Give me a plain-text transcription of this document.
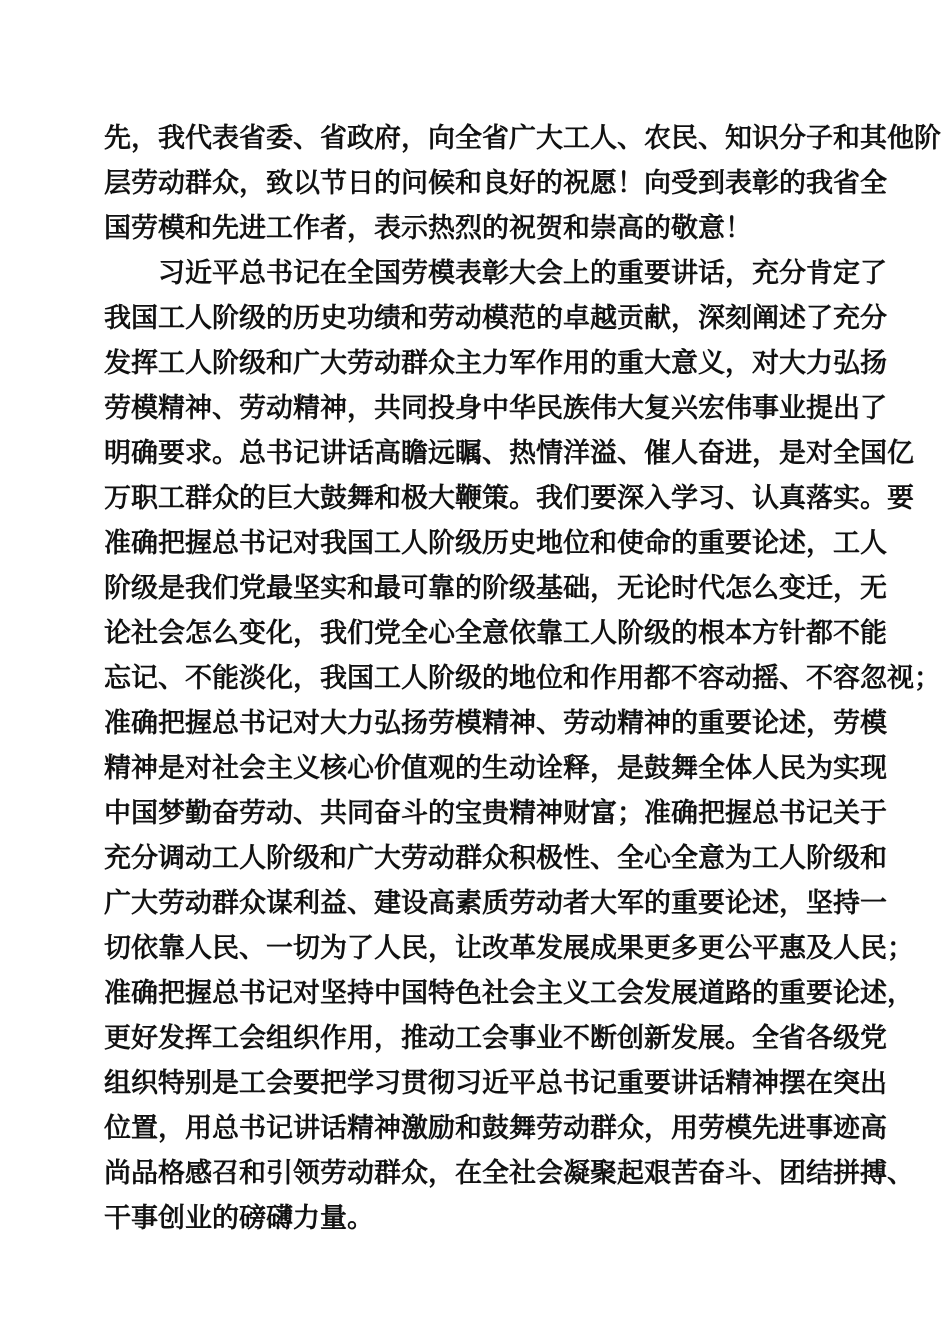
先，我代表省委、省政府，向全省广大工人、农民、知识分子和其他阶
层劳动群众，致以节日的问候和良好的祝愿！向受到表彰的我省全
国劳模和先进工作者，表示热烈的祝贺和崇高的敬意！
习近平总书记在全国劳模表彰大会上的重要讲话，充分肯定了
我国工人阶级的历史功绩和劳动模范的卓越贡献，深刻阐述了充分
发挥工人阶级和广大劳动群众主力军作用的重大意义，对大力弘扬
劳模精神、劳动精神，共同投身中华民族伟大复兴宏伟事业提出了
明确要求。总书记讲话高瞻远瞩、热情洋溢、催人奋进，是对全国亿
万职工群众的巨大鼓舞和极大鞭策。我们要深入学习、认真落实。要
准确把握总书记对我国工人阶级历史地位和使命的重要论述，工人
阶级是我们党最坚实和最可靠的阶级基础，无论时代怎么变迁，无
论社会怎么变化，我们党全心全意依靠工人阶级的根本方针都不能
忘记、不能淡化，我国工人阶级的地位和作用都不容动摇、不容忽视；
准确把握总书记对大力弘扬劳模精神、劳动精神的重要论述，劳模
精神是对社会主义核心价值观的生动诠释，是鼓舞全体人民为实现
中国梦勤奋劳动、共同奋斗的宝贵精神财富；准确把握总书记关于
充分调动工人阶级和广大劳动群众积极性、全心全意为工人阶级和
广大劳动群众谋利益、建设高素质劳动者大军的重要论述，坚持一
切依靠人民、一切为了人民，让改革发展成果更多更公平惠及人民；
准确把握总书记对坚持中国特色社会主义工会发展道路的重要论述，
更好发挥工会组织作用，推动工会事业不断创新发展。全省各级党
组织特别是工会要把学习贯彻习近平总书记重要讲话精神摆在突出
位置，用总书记讲话精神激励和鼓舞劳动群众，用劳模先进事迹高
尚品格感召和引领劳动群众，在全社会凝聚起艰苦奋斗、团结拼搏、
干事创业的磅礴力量。
